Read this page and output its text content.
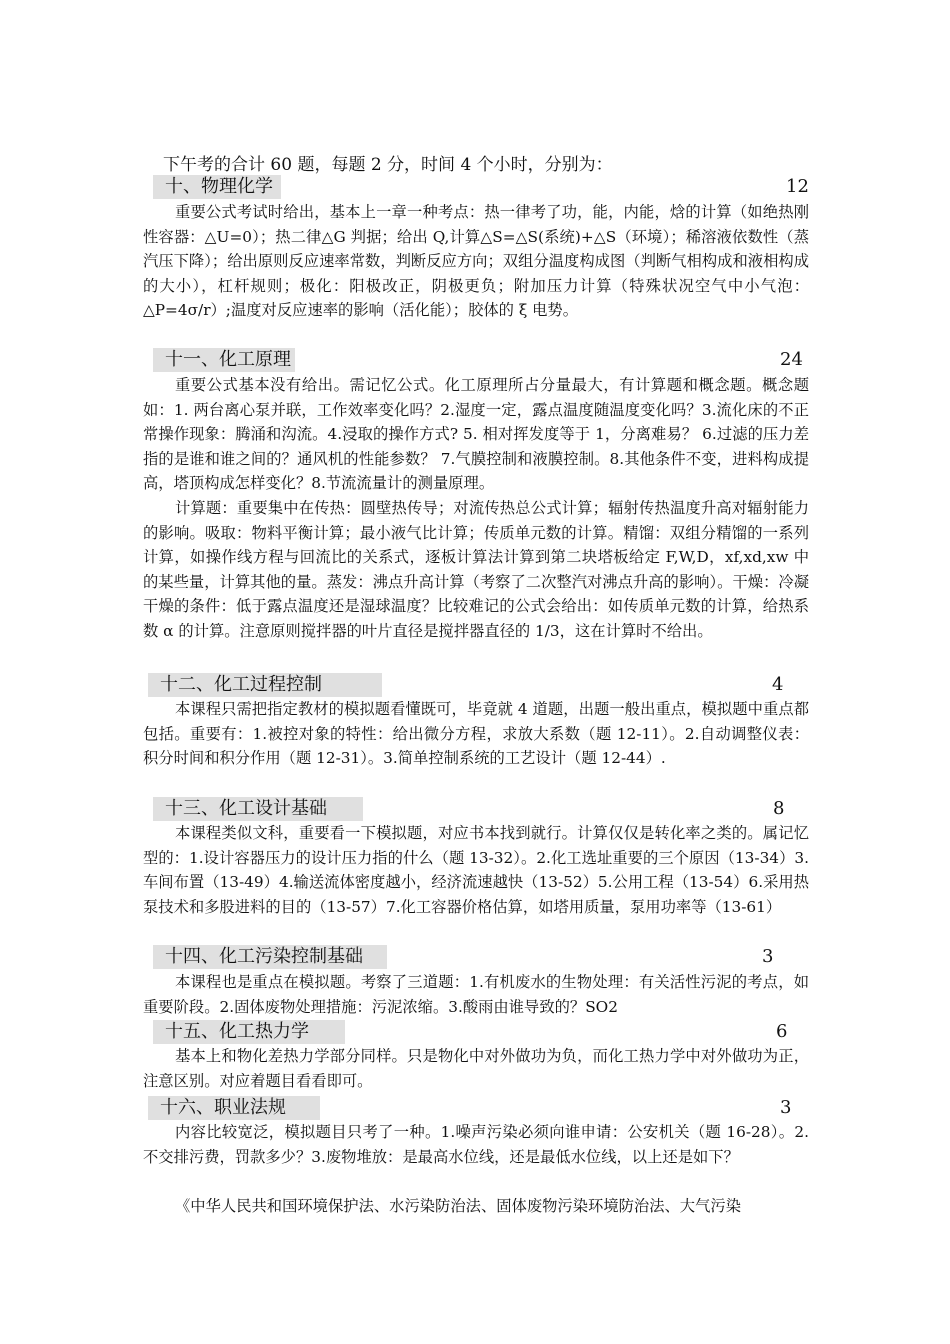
下午考的合计 60 题，每题 2 分，时间 4 个小时，分别为：
十、物理化学	12

重要公式考试时给出，基本上一章一种考点：热一律考了功，能，内能，焓的计算（如绝热刚性容器：△U=0）；热二律△G 判据；给出 Q,计算△S=△S(系统)+△S（环境）；稀溶液依数性（蒸汽压下降）；给出原则反应速率常数，判断反应方向；双组分温度构成图（判断气相构成和液相构成的大小），杠杆规则；极化：阳极改正，阴极更负；附加压力计算（特殊状况空气中小气泡：△P=4σ/r）;温度对反应速率的影响（活化能）；胶体的 ξ 电势。

十一、化工原理	24

重要公式基本没有给出。需记忆公式。化工原理所占分量最大，有计算题和概念题。概念题如：1. 两台离心泵并联，工作效率变化吗？2.湿度一定，露点温度随温度变化吗？3.流化床的不正常操作现象：腾涌和沟流。4.浸取的操作方式? 5. 相对挥发度等于 1，分离难易？ 6.过滤的压力差指的是谁和谁之间的？通风机的性能参数？ 7.气膜控制和液膜控制。8.其他条件不变，进料构成提高，塔顶构成怎样变化？8.节流流量计的测量原理。

计算题：重要集中在传热：圆壁热传导；对流传热总公式计算；辐射传热温度升高对辐射能力的影响。吸取：物料平衡计算；最小液气比计算；传质单元数的计算。精馏：双组分精馏的一系列计算，如操作线方程与回流比的关系式，逐板计算法计算到第二块塔板给定 F,W,D，xf,xd,xw 中的某些量，计算其他的量。蒸发：沸点升高计算（考察了二次整汽对沸点升高的影响）。干燥：冷凝干燥的条件：低于露点温度还是湿球温度？比较难记的公式会给出：如传质单元数的计算，给热系数 α 的计算。注意原则搅拌器的叶片直径是搅拌器直径的 1/3，这在计算时不给出。

十二、化工过程控制	4

本课程只需把指定教材的模拟题看懂既可，毕竟就 4 道题，出题一般出重点，模拟题中重点都包括。重要有：1.被控对象的特性：给出微分方程，求放大系数（题 12-11）。2.自动调整仪表：积分时间和积分作用（题 12-31）。3.简单控制系统的工艺设计（题 12-44）.

十三、化工设计基础	8

本课程类似文科，重要看一下模拟题，对应书本找到就行。计算仅仅是转化率之类的。属记忆型的：1.设计容器压力的设计压力指的什么（题 13-32）。2.化工选址重要的三个原因（13-34）3.车间布置（13-49）4.输送流体密度越小，经济流速越快（13-52）5.公用工程（13-54）6.采用热泵技术和多股进料的目的（13-57）7.化工容器价格估算，如塔用质量，泵用功率等（13-61）

十四、化工污染控制基础	3

本课程也是重点在模拟题。考察了三道题：1.有机废水的生物处理：有关活性污泥的考点，如重要阶段。2.固体废物处理措施：污泥浓缩。3.酸雨由谁导致的？SO2

十五、化工热力学	6

基本上和物化差热力学部分同样。只是物化中对外做功为负，而化工热力学中对外做功为正，注意区别。对应着题目看看即可。

十六、职业法规	3

内容比较宽泛，模拟题目只考了一种。1.噪声污染必须向谁申请：公安机关（题 16-28）。2.不交排污费，罚款多少？3.废物堆放：是最高水位线，还是最低水位线，以上还是如下？

《中华人民共和国环境保护法、水污染防治法、固体废物污染环境防治法、大气污染
